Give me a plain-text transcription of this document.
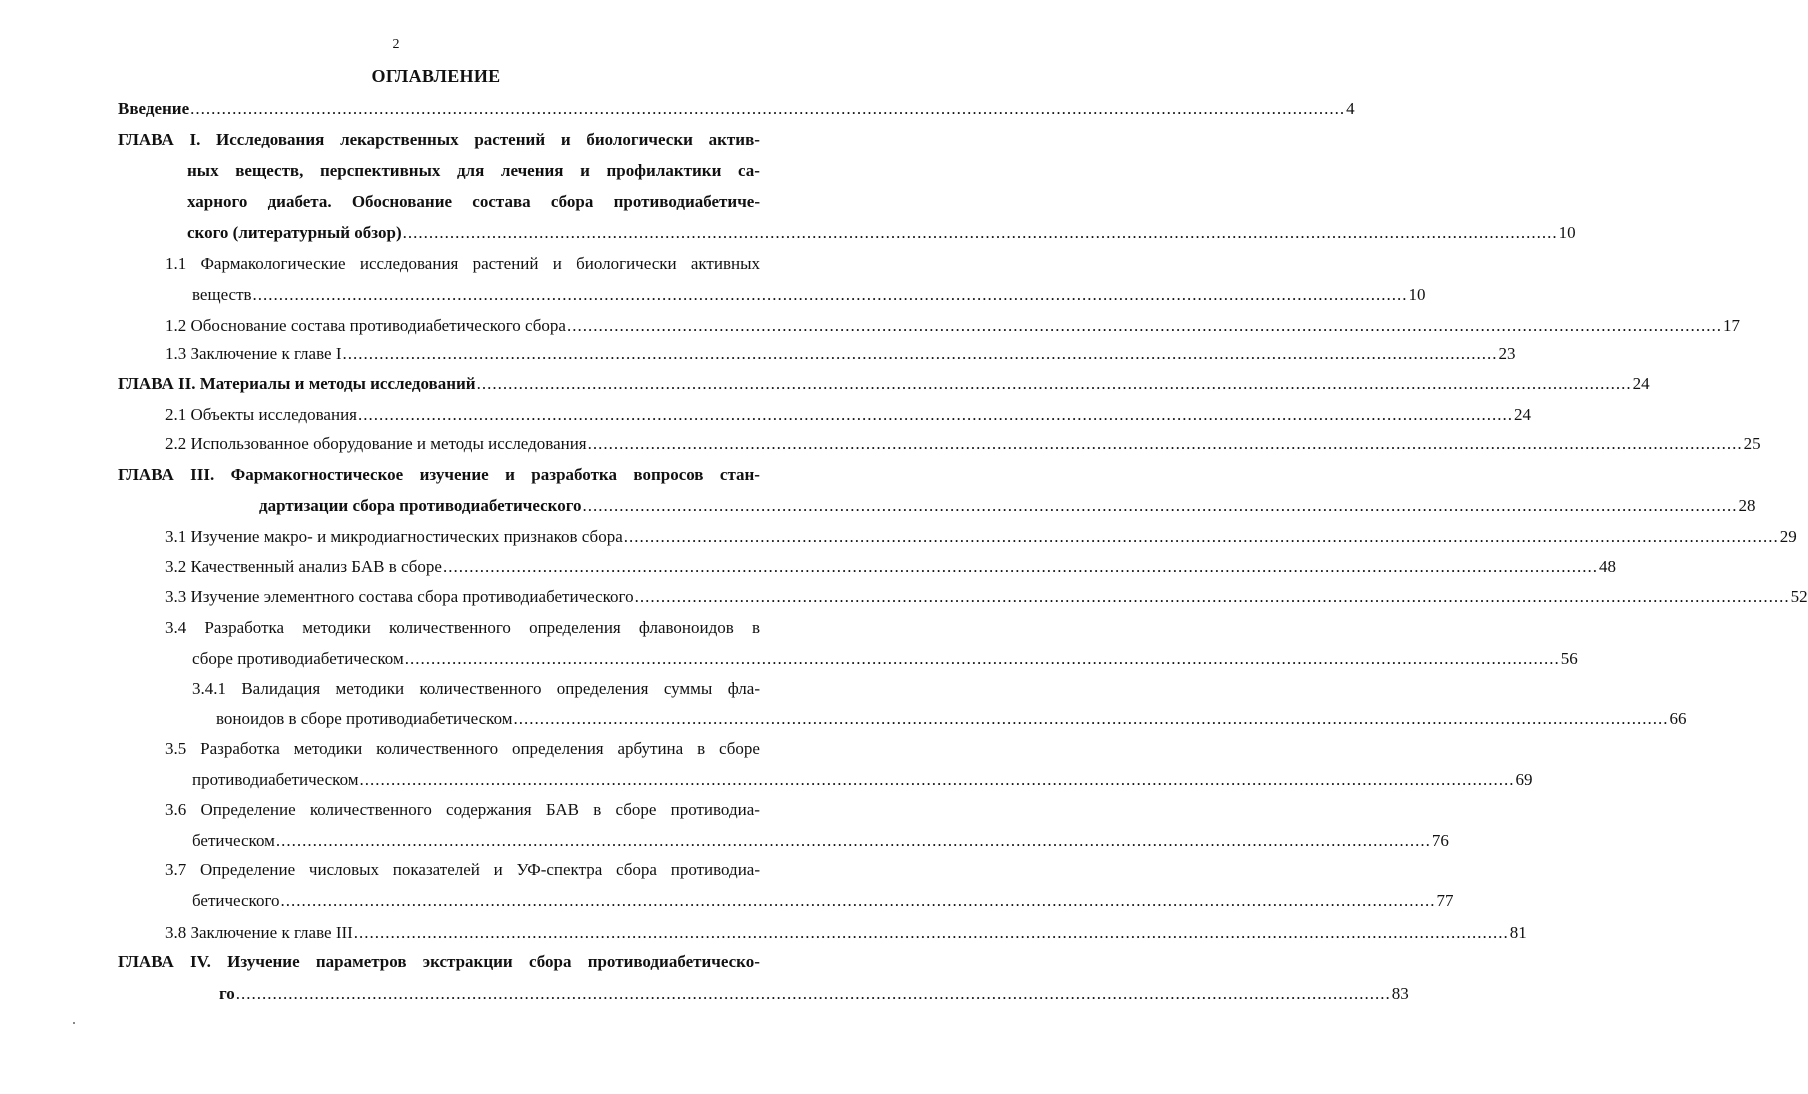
2
ОГЛАВЛЕНИЕ
Введение ............................................................................................................................................................................................................................ 4
ГЛАВА I. Исследования лекарственных растений и биологически актив-
ных веществ, перспективных для лечения и профилактики са-
харного диабета. Обоснование состава сбора противодиабетиче-
ского (литературный обзор) ............................................................................................................................................................................................................................ 10
1.1 Фармакологические исследования растений и биологически активных
веществ ............................................................................................................................................................................................................................ 10
1.2 Обоснование состава противодиабетического сбора ............................................................................................................................................................................................................................ 17
1.3 Заключение к главе I ............................................................................................................................................................................................................................ 23
ГЛАВА II. Материалы и методы исследований ............................................................................................................................................................................................................................ 24
2.1 Объекты исследования ............................................................................................................................................................................................................................ 24
2.2 Использованное оборудование и методы исследования ............................................................................................................................................................................................................................ 25
ГЛАВА III. Фармакогностическое изучение и разработка вопросов стан-
дартизации сбора противодиабетического ............................................................................................................................................................................................................................ 28
3.1 Изучение макро- и микродиагностических признаков сбора ............................................................................................................................................................................................................................ 29
3.2 Качественный анализ БАВ в сборе ............................................................................................................................................................................................................................ 48
3.3 Изучение элементного состава сбора противодиабетического ............................................................................................................................................................................................................................ 52
3.4 Разработка методики количественного определения флавоноидов в
сборе противодиабетическом ............................................................................................................................................................................................................................ 56
3.4.1 Валидация методики количественного определения суммы фла-
воноидов в сборе противодиабетическом ............................................................................................................................................................................................................................ 66
3.5 Разработка методики количественного определения арбутина в сборе
противодиабетическом ............................................................................................................................................................................................................................ 69
3.6 Определение количественного содержания БАВ в сборе противодиа-
бетическом ............................................................................................................................................................................................................................ 76
3.7 Определение числовых показателей и УФ-спектра сбора противодиа-
бетического ............................................................................................................................................................................................................................ 77
3.8 Заключение к главе III ............................................................................................................................................................................................................................ 81
ГЛАВА IV. Изучение параметров экстракции сбора противодиабетическо-
го ............................................................................................................................................................................................................................ 83
